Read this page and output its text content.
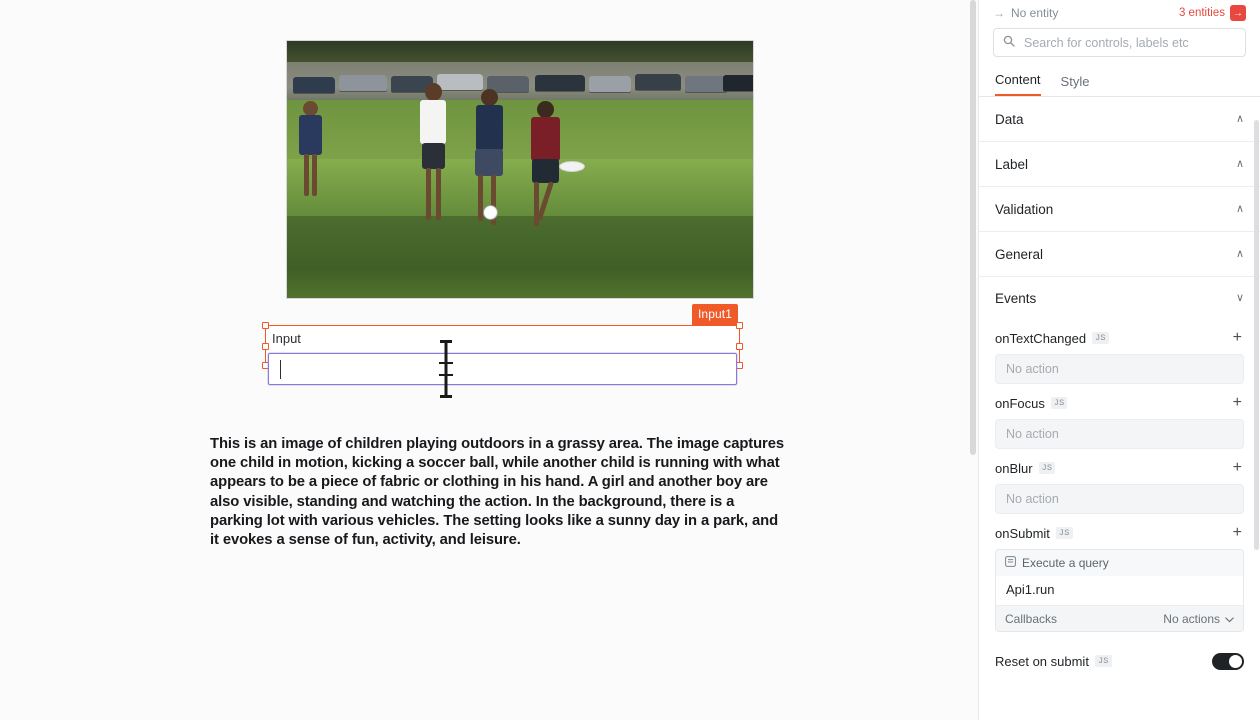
Input1
Input
This is an image of children playing outdoors in a grassy area. The image captures one child in motion, kicking a soccer ball, while another child is running with what appears to be a piece of fabric or clothing in his hand. A girl and another boy are also visible, standing and watching the action. In the background, there is a parking lot with various vehicles. The setting looks like a sunny day in a park, and it evokes a sense of fun, activity, and leisure.
→ No entity	3 entities →
Search for controls, labels etc
Content Style
Data	∧
Label	∧
Validation	∧
General	∧
Events	∨
onTextChanged	JS	+
No action
onFocus	JS	+
No action
onBlur	JS	+
No action
onSubmit	JS	+
Execute a query
Api1.run
Callbacks	No actions
Reset on submit	JS
